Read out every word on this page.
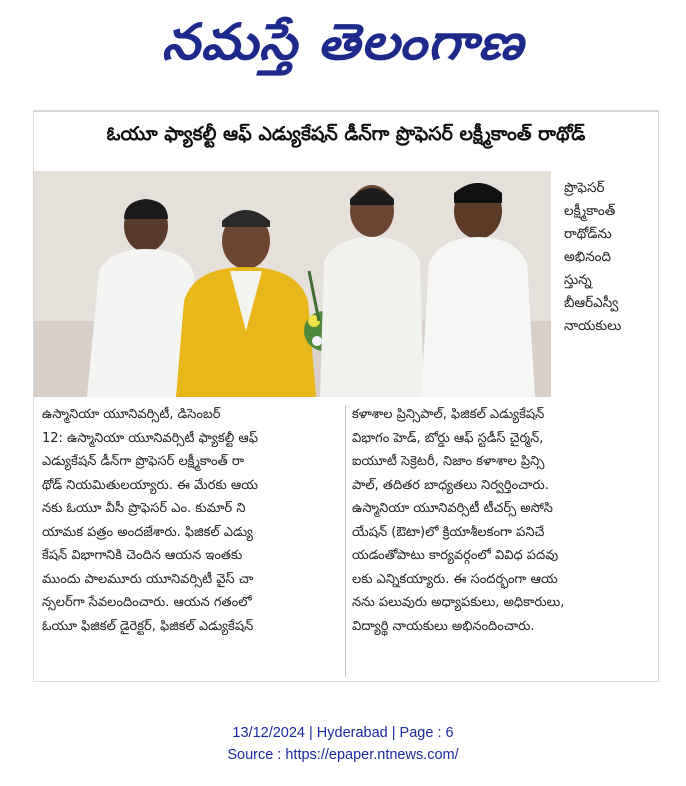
నమస్తే తెలంగాణ
ఓయూ ఫ్యాకల్టీ ఆఫ్ ఎడ్యుకేషన్ డీన్‌గా ప్రొఫెసర్ లక్ష్మీకాంత్ రాథోడ్
ప్రొఫెసర్
లక్ష్మీకాంత్
రాథోడ్‌ను
అభినంది
స్తున్న
బీఆర్‌ఎస్వీ
నాయకులు
ఉస్మానియా యూనివర్సిటీ, డిసెంబర్
12: ఉస్మానియా యూనివర్సిటీ ఫ్యాకల్టీ ఆఫ్
ఎడ్యుకేషన్ డీన్‌గా ప్రొఫెసర్ లక్ష్మీకాంత్ రా
థోడ్ నియమితులయ్యారు. ఈ మేరకు ఆయ
నకు ఓయూ వీసీ ప్రొఫెసర్ ఎం. కుమార్ ని
యామక పత్రం అందజేశారు. ఫిజికల్ ఎడ్యు
కేషన్ విభాగానికి చెందిన ఆయన ఇంతకు
ముందు పాలమూరు యూనివర్సిటీ వైస్ చా
న్సలర్‌గా సేవలందించారు. ఆయన గతంలో
ఓయూ ఫిజికల్ డైరెక్టర్, ఫిజికల్ ఎడ్యుకేషన్
కళాశాల ప్రిన్సిపాల్, ఫిజికల్ ఎడ్యుకేషన్
విభాగం హెడ్, బోర్డు ఆఫ్ స్టడీస్ చైర్మన్,
ఐయూటీ సెక్రెటరీ, నిజాం కళాశాల ప్రిన్సి
పాల్, తదితర బాధ్యతలు నిర్వర్తించారు.
ఉస్మానియా యూనివర్సిటీ టీచర్స్ అసోసి
యేషన్ (ఔటా)లో క్రియాశీలకంగా పనిచే
యడంతోపాటు కార్యవర్గంలో వివిధ పదవు
లకు ఎన్నికయ్యారు. ఈ సందర్భంగా ఆయ
నను పలువురు అధ్యాపకులు, అధికారులు,
విద్యార్థి నాయకులు అభినందించారు.
13/12/2024 | Hyderabad | Page : 6
Source : https://epaper.ntnews.com/
